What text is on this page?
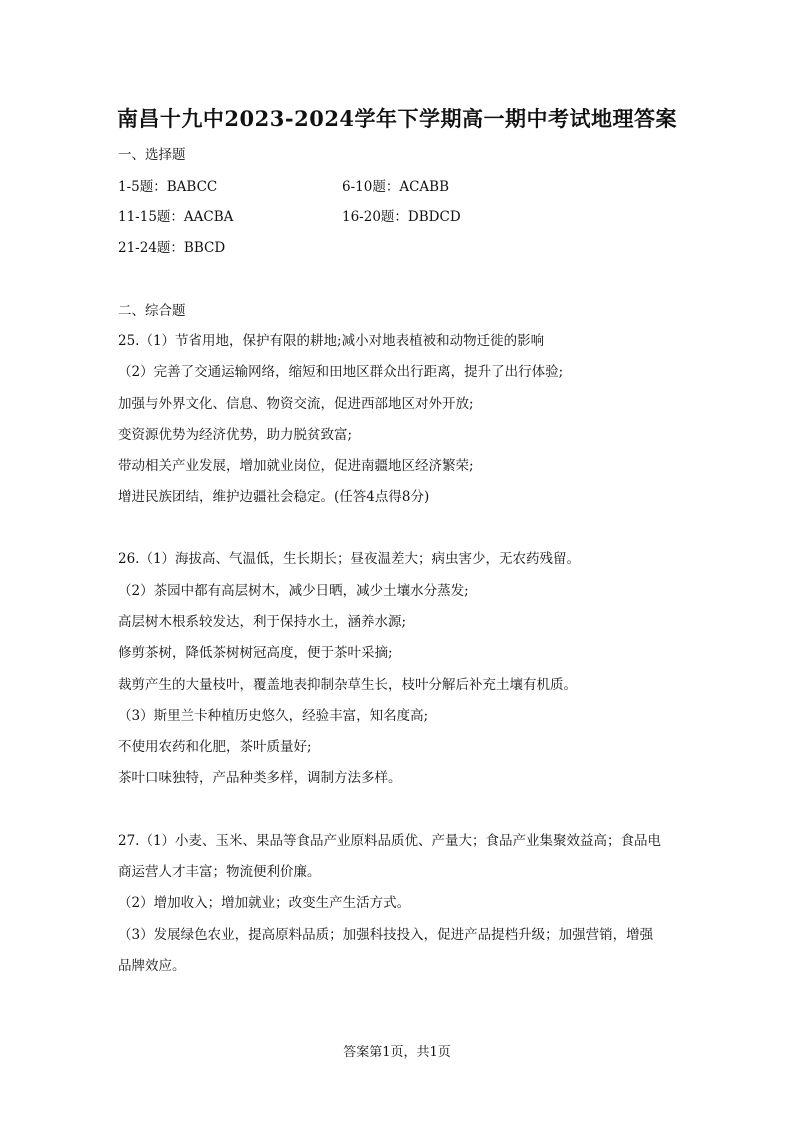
南昌十九中2023-2024学年下学期高一期中考试地理答案
一、选择题
1-5题：BABCC	6-10题：ACABB
11-15题：AACBA	16-20题：DBDCD
21-24题：BBCD
二、综合题
25.（1）节省用地，保护有限的耕地;减小对地表植被和动物迁徙的影响
（2）完善了交通运输网络，缩短和田地区群众出行距离，提升了出行体验;
加强与外界文化、信息、物资交流，促进西部地区对外开放;
变资源优势为经济优势，助力脱贫致富;
带动相关产业发展，增加就业岗位，促进南疆地区经济繁荣;
增进民族团结，维护边疆社会稳定。(任答4点得8分)
26.（1）海拔高、气温低，生长期长；昼夜温差大；病虫害少，无农药残留。
（2）茶园中都有高层树木，减少日晒，减少土壤水分蒸发;
高层树木根系较发达，利于保持水土，涵养水源;
修剪茶树，降低茶树树冠高度，便于茶叶采摘;
裁剪产生的大量枝叶，覆盖地表抑制杂草生长，枝叶分解后补充土壤有机质。
（3）斯里兰卡种植历史悠久，经验丰富，知名度高;
不使用农药和化肥，茶叶质量好;
茶叶口味独特，产品种类多样，调制方法多样。
27.（1）小麦、玉米、果品等食品产业原料品质优、产量大；食品产业集聚效益高；食品电
商运营人才丰富；物流便利价廉。
（2）增加收入；增加就业；改变生产生活方式。
（3）发展绿色农业，提高原料品质；加强科技投入，促进产品提档升级；加强营销，增强
品牌效应。
答案第1页，共1页
